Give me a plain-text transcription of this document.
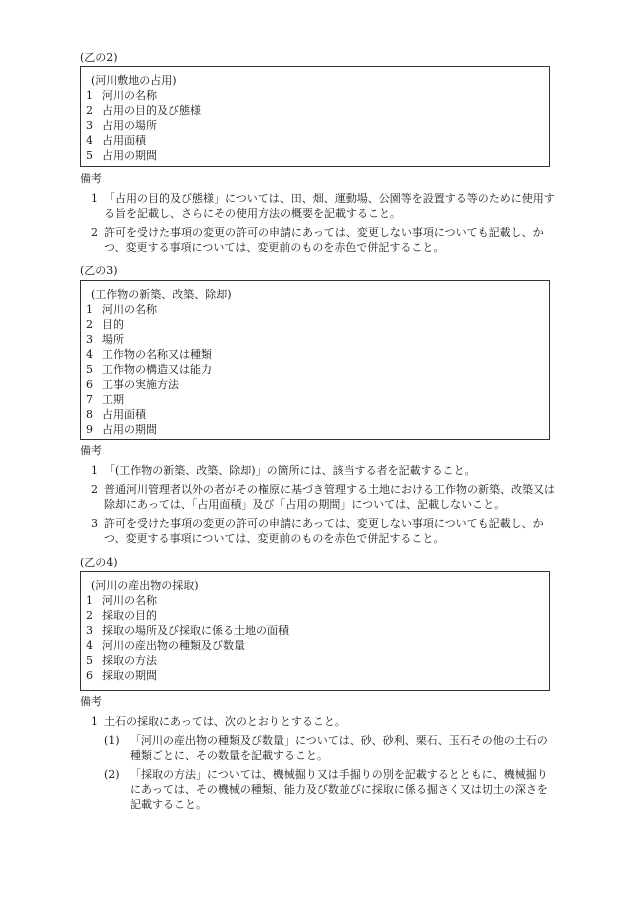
(乙の2)
(河川敷地の占用)
1 河川の名称
2 占用の目的及び態様
3 占用の場所
4 占用面積
5 占用の期間
備考
1 「占用の目的及び態様」については、田、畑、運動場、公園等を設置する等のために使用する旨を記載し、さらにその使用方法の概要を記載すること。
2 許可を受けた事項の変更の許可の申請にあっては、変更しない事項についても記載し、かつ、変更する事項については、変更前のものを赤色で併記すること。
(乙の3)
(工作物の新築、改築、除却)
1 河川の名称
2 目的
3 場所
4 工作物の名称又は種類
5 工作物の構造又は能力
6 工事の実施方法
7 工期
8 占用面積
9 占用の期間
備考
1 「(工作物の新築、改築、除却)」の箇所には、該当する者を記載すること。
2 普通河川管理者以外の者がその権原に基づき管理する土地における工作物の新築、改築又は除却にあっては、「占用面積」及び「占用の期間」については、記載しないこと。
3 許可を受けた事項の変更の許可の申請にあっては、変更しない事項についても記載し、かつ、変更する事項については、変更前のものを赤色で併記すること。
(乙の4)
(河川の産出物の採取)
1 河川の名称
2 採取の目的
3 採取の場所及び採取に係る土地の面積
4 河川の産出物の種類及び数量
5 採取の方法
6 採取の期間
備考
1 土石の採取にあっては、次のとおりとすること。
(1) 「河川の産出物の種類及び数量」については、砂、砂利、栗石、玉石その他の土石の種類ごとに、その数量を記載すること。
(2) 「採取の方法」については、機械掘り又は手掘りの別を記載するとともに、機械掘りにあっては、その機械の種類、能力及び数並びに採取に係る掘さく又は切土の深さを記載すること。
